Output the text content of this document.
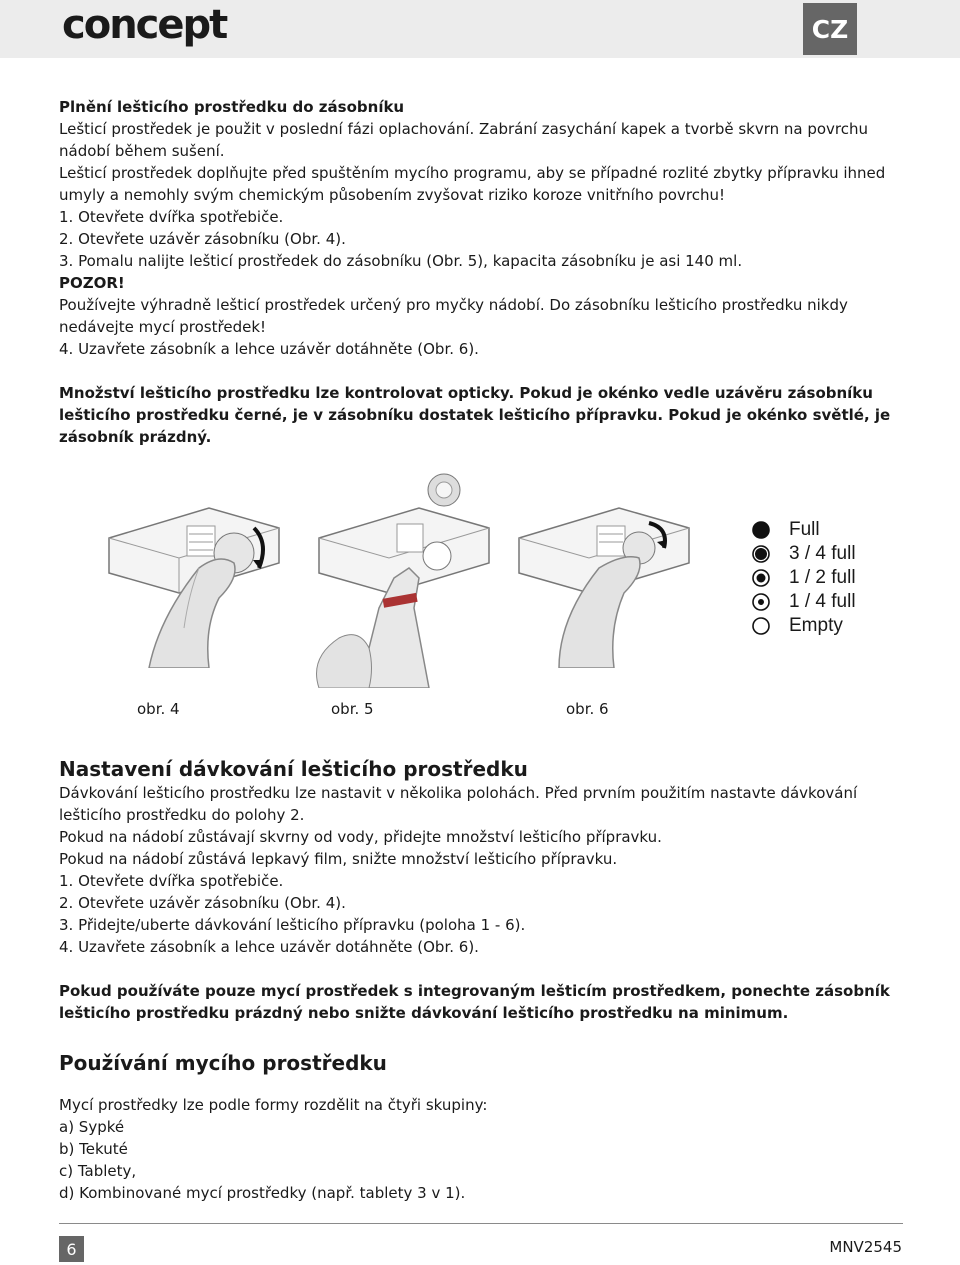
concept	CZ

Plnění lešticího prostředku do zásobníku

Lešticí prostředek je použit v poslední fázi oplachování. Zabrání zasychání kapek a tvorbě skvrn na povrchu nádobí během sušení.

Lešticí prostředek doplňujte před spuštěním mycího programu, aby se případné rozlité zbytky přípravku ihned umyly a nemohly svým chemickým působením zvyšovat riziko koroze vnitřního povrchu!

1. Otevřete dvířka spotřebiče.

2. Otevřete uzávěr zásobníku (Obr. 4).

3. Pomalu nalijte lešticí prostředek do zásobníku (Obr. 5), kapacita zásobníku je asi 140 ml.

POZOR!

Používejte výhradně lešticí prostředek určený pro myčky nádobí. Do zásobníku lešticího prostředku nikdy nedávejte mycí prostředek!

4. Uzavřete zásobník a lehce uzávěr dotáhněte (Obr. 6).

Množství lešticího prostředku lze kontrolovat opticky. Pokud je okénko vedle uzávěru zásobníku lešticího prostředku černé, je v zásobníku dostatek lešticího přípravku. Pokud je okénko světlé, je zásobník prázdný.

Full
3 / 4 full
1 / 2 full
1 / 4 full
Empty
obr. 4	obr. 5	obr. 6
Nastavení dávkování lešticího prostředku

Dávkování lešticího prostředku lze nastavit v několika polohách. Před prvním použitím nastavte dávkování lešticího prostředku do polohy 2.

Pokud na nádobí zůstávají skvrny od vody, přidejte množství lešticího přípravku.

Pokud na nádobí zůstává lepkavý film, snižte množství lešticího přípravku.

1. Otevřete dvířka spotřebiče.

2. Otevřete uzávěr zásobníku (Obr. 4).

3. Přidejte/uberte dávkování lešticího přípravku (poloha 1 - 6).

4. Uzavřete zásobník a lehce uzávěr dotáhněte (Obr. 6).

Pokud používáte pouze mycí prostředek s integrovaným lešticím prostředkem, ponechte zásobník lešticího prostředku prázdný nebo snižte dávkování lešticího prostředku na minimum.

Používání mycího prostředku

Mycí prostředky lze podle formy rozdělit na čtyři skupiny:

a) Sypké

b) Tekuté

c) Tablety,

d) Kombinované mycí prostředky (např. tablety 3 v 1).

6	MNV2545
